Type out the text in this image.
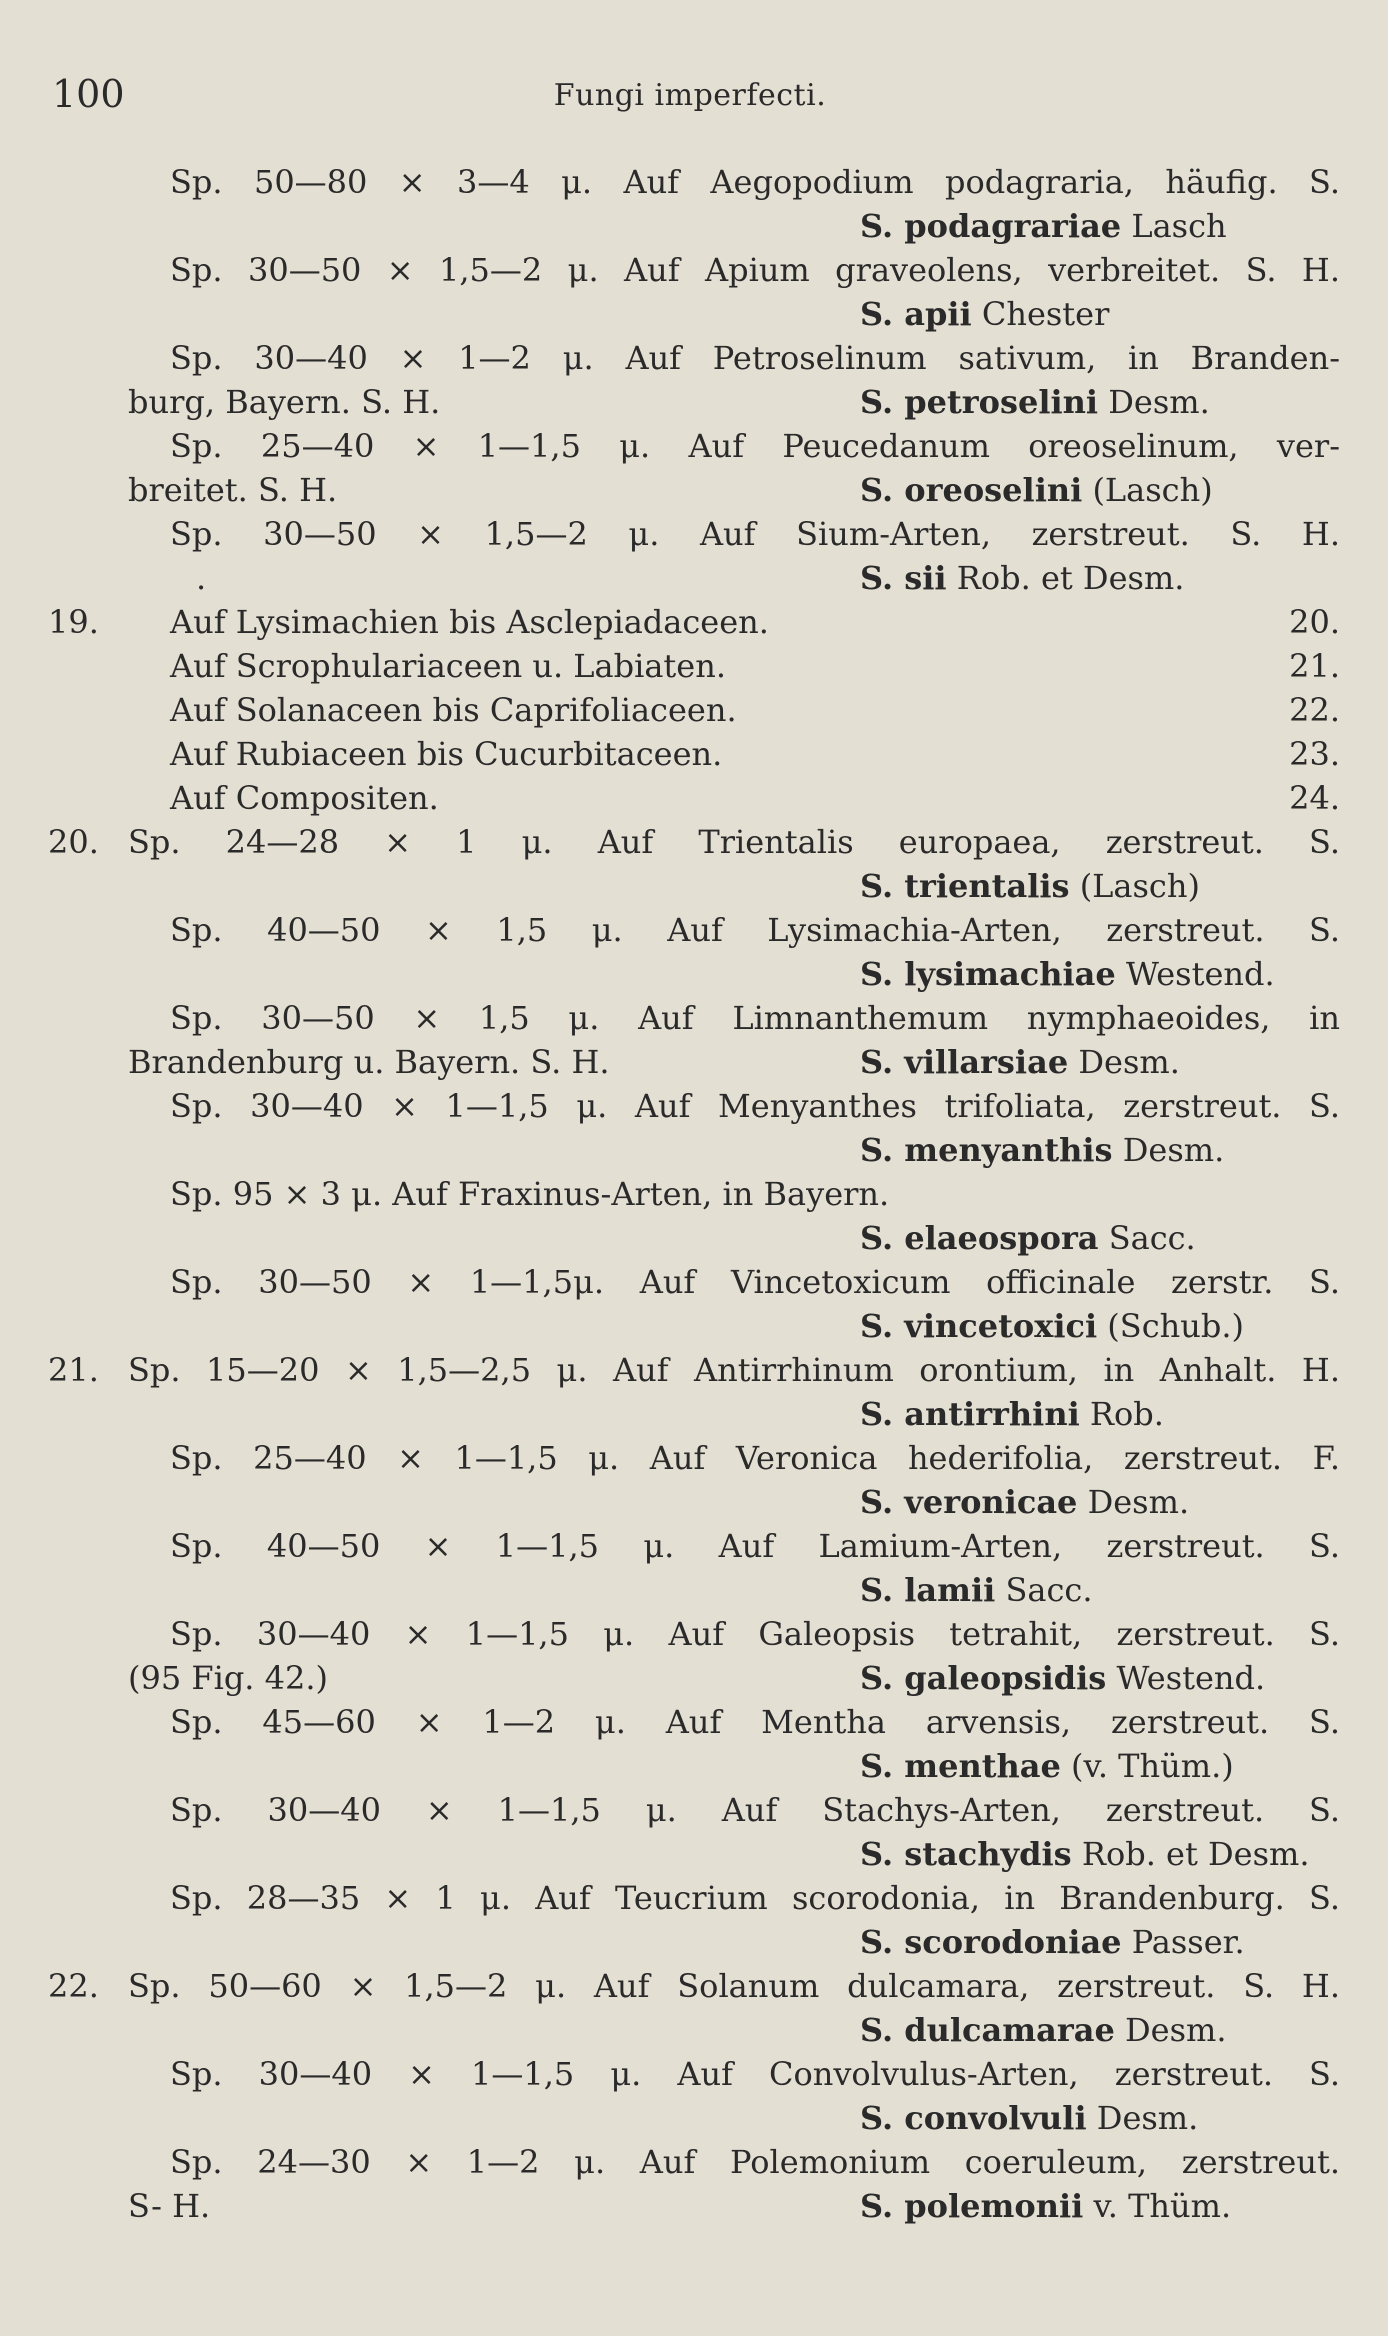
100	Fungi imperfecti.
Sp. 50—80 × 3—4 μ. Auf Aegopodium podagraria, häufig. S.
S. podagrariae Lasch
Sp. 30—50 × 1,5—2 μ. Auf Apium graveolens, verbreitet. S. H.
S. apii Chester
Sp. 30—40 × 1—2 μ. Auf Petroselinum sativum, in Branden-
burg, Bayern. S. H.	S. petroselini Desm.
Sp. 25—40 × 1—1,5 μ. Auf Peucedanum oreoselinum, ver-
breitet. S. H.	S. oreoselini (Lasch)
Sp. 30—50 × 1,5—2 μ. Auf Sium-Arten, zerstreut. S. H.
.	S. sii Rob. et Desm.
19. Auf Lysimachien bis Asclepiadaceen.	20.
Auf Scrophulariaceen u. Labiaten.	21.
Auf Solanaceen bis Caprifoliaceen.	22.
Auf Rubiaceen bis Cucurbitaceen.	23.
Auf Compositen.	24.
20. Sp. 24—28 × 1 μ. Auf Trientalis europaea, zerstreut. S.
S. trientalis (Lasch)
Sp. 40—50 × 1,5 μ. Auf Lysimachia-Arten, zerstreut. S.
S. lysimachiae Westend.
Sp. 30—50 × 1,5 μ. Auf Limnanthemum nymphaeoides, in
Brandenburg u. Bayern. S. H.	S. villarsiae Desm.
Sp. 30—40 × 1—1,5 μ. Auf Menyanthes trifoliata, zerstreut. S.
S. menyanthis Desm.
Sp. 95 × 3 μ. Auf Fraxinus-Arten, in Bayern.
S. elaeospora Sacc.
Sp. 30—50 × 1—1,5μ. Auf Vincetoxicum officinale zerstr. S.
S. vincetoxici (Schub.)
21. Sp. 15—20 × 1,5—2,5 μ. Auf Antirrhinum orontium, in Anhalt. H.
S. antirrhini Rob.
Sp. 25—40 × 1—1,5 μ. Auf Veronica hederifolia, zerstreut. F.
S. veronicae Desm.
Sp. 40—50 × 1—1,5 μ. Auf Lamium-Arten, zerstreut. S.
S. lamii Sacc.
Sp. 30—40 × 1—1,5 μ. Auf Galeopsis tetrahit, zerstreut. S.
(95 Fig. 42.)	S. galeopsidis Westend.
Sp. 45—60 × 1—2 μ. Auf Mentha arvensis, zerstreut. S.
S. menthae (v. Thüm.)
Sp. 30—40 × 1—1,5 μ. Auf Stachys-Arten, zerstreut. S.
S. stachydis Rob. et Desm.
Sp. 28—35 × 1 μ. Auf Teucrium scorodonia, in Brandenburg. S.
S. scorodoniae Passer.
22. Sp. 50—60 × 1,5—2 μ. Auf Solanum dulcamara, zerstreut. S. H.
S. dulcamarae Desm.
Sp. 30—40 × 1—1,5 μ. Auf Convolvulus-Arten, zerstreut. S.
S. convolvuli Desm.
Sp. 24—30 × 1—2 μ. Auf Polemonium coeruleum, zerstreut.
S- H.	S. polemonii v. Thüm.
